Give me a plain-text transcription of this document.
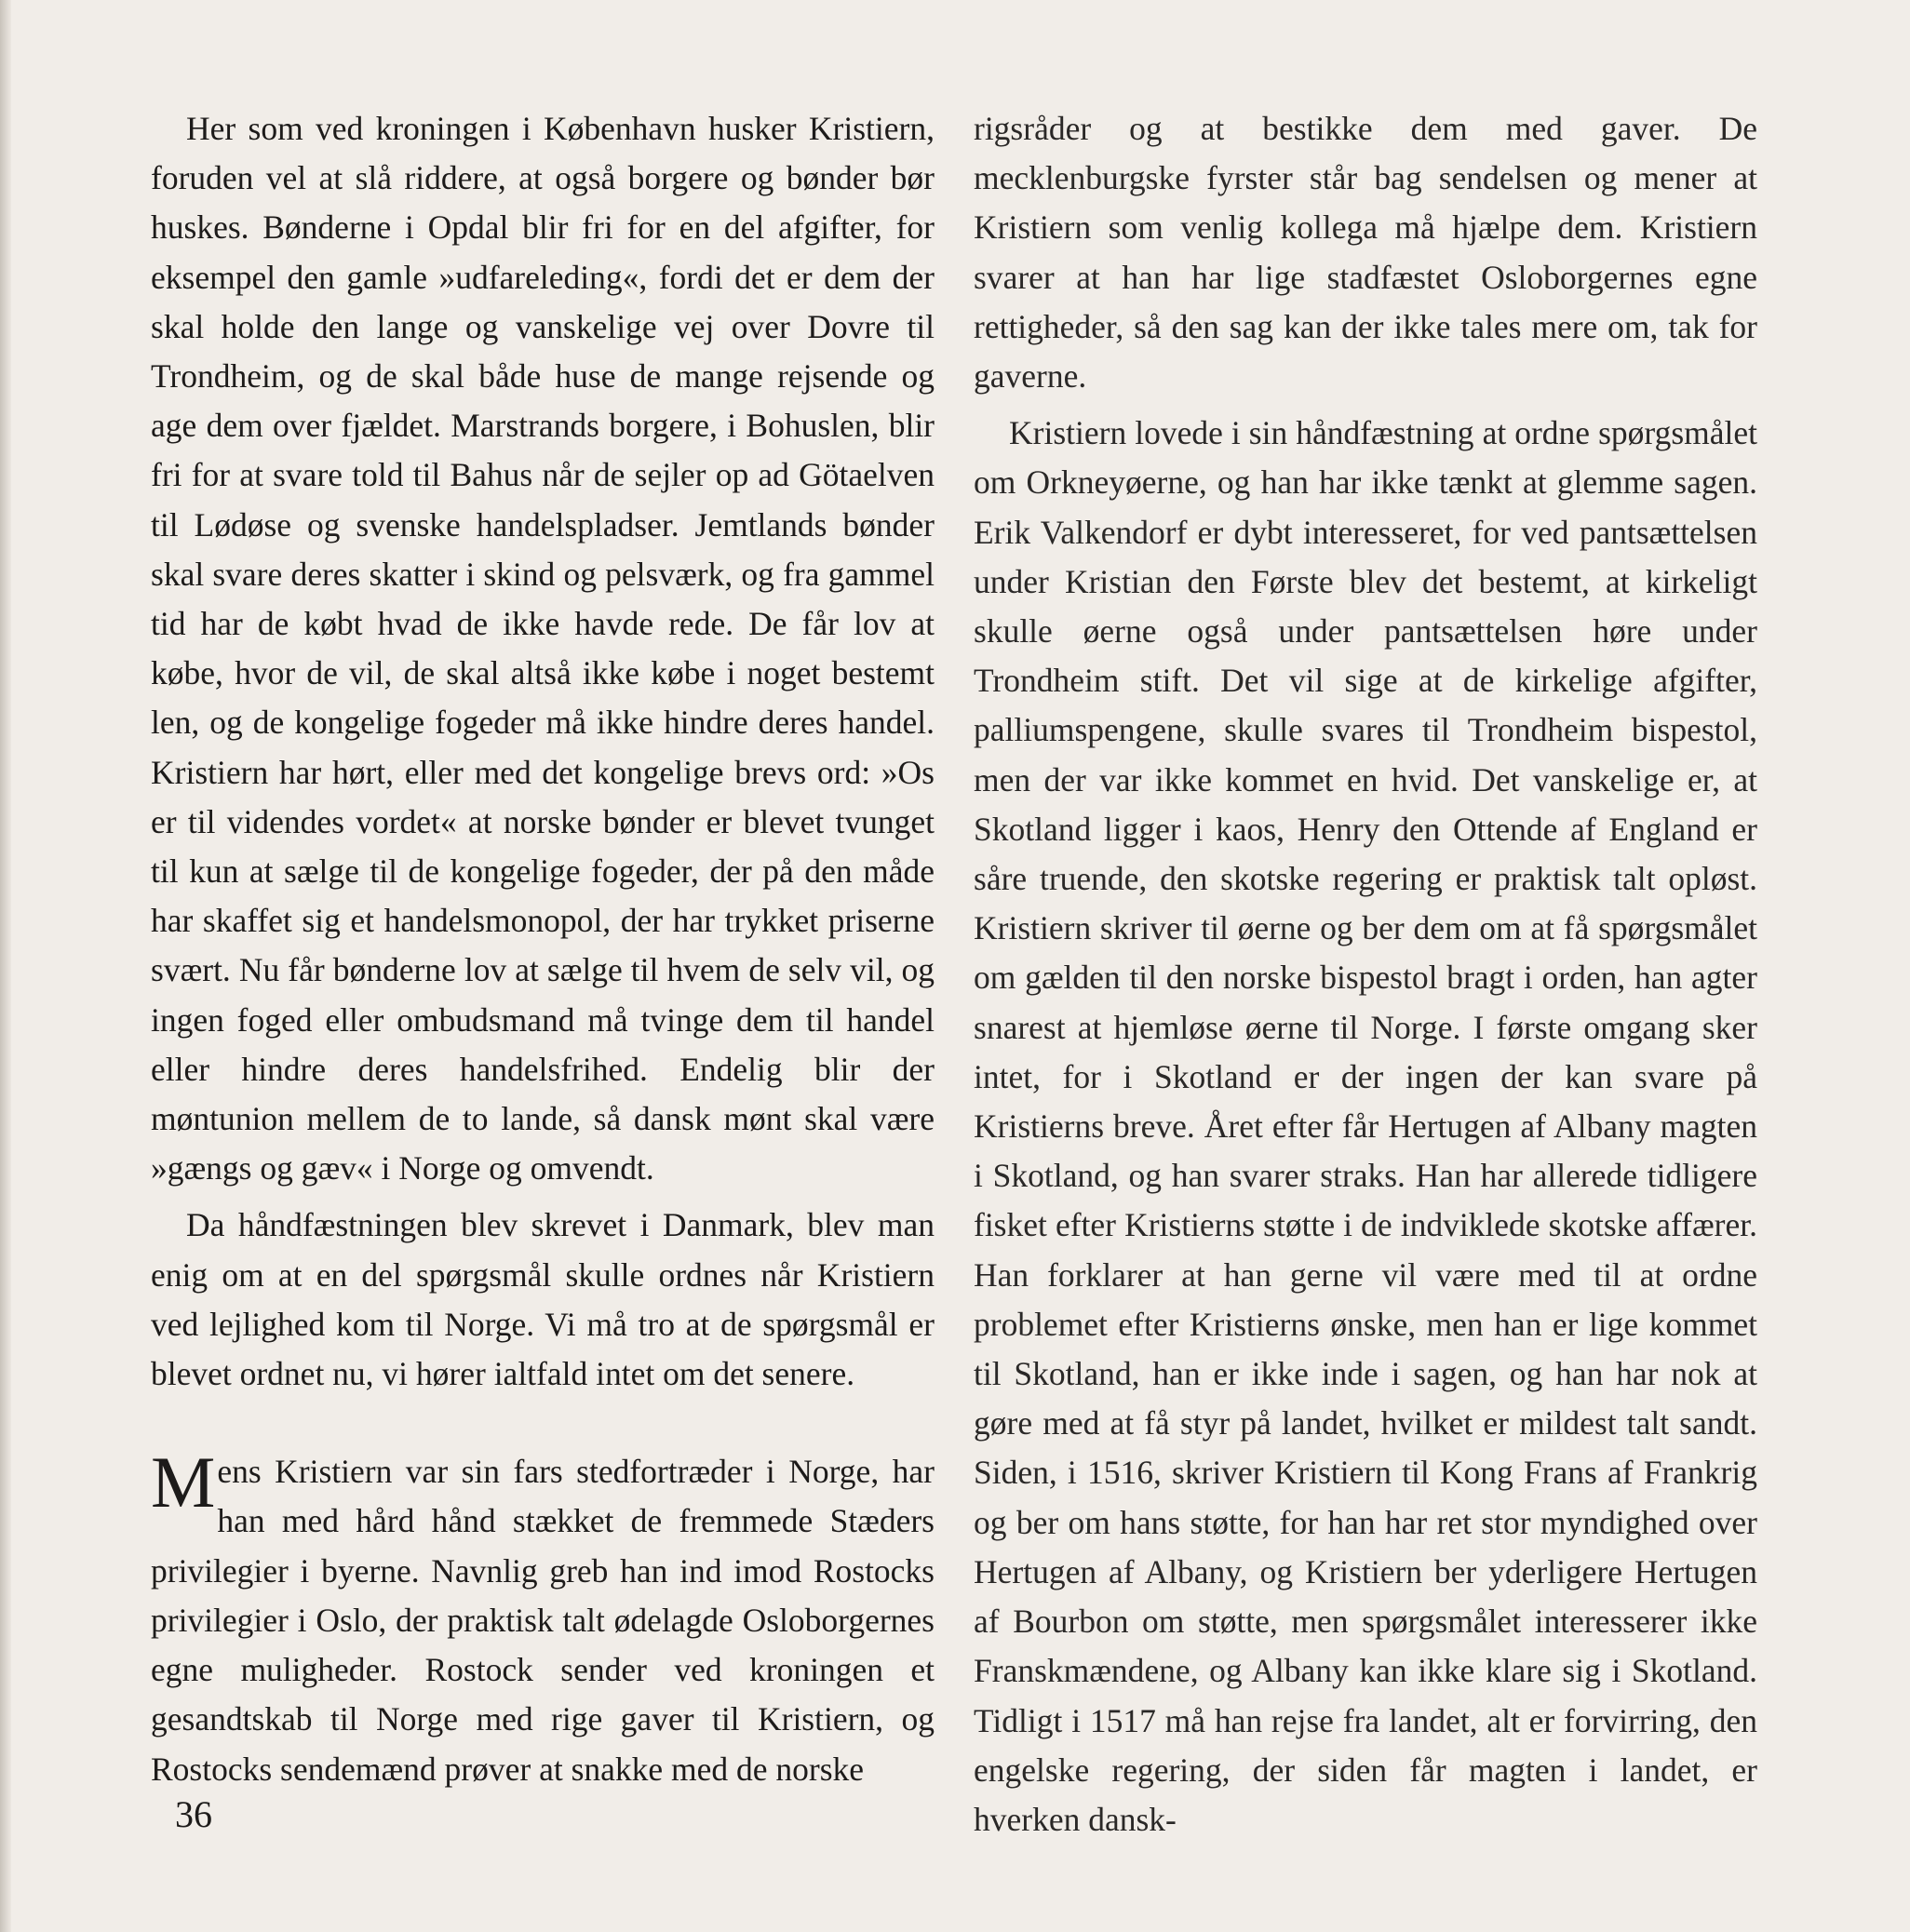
Her som ved kroningen i København husker Kristiern, foruden vel at slå riddere, at også borgere og bønder bør huskes. Bønderne i Opdal blir fri for en del afgifter, for eksempel den gamle »udfareleding«, fordi det er dem der skal holde den lange og vanskelige vej over Dovre til Trondheim, og de skal både huse de mange rejsende og age dem over fjældet. Marstrands borgere, i Bohuslen, blir fri for at svare told til Bahus når de sejler op ad Götaelven til Lødøse og svenske handelspladser. Jemtlands bønder skal svare deres skatter i skind og pelsværk, og fra gammel tid har de købt hvad de ikke havde rede. De får lov at købe, hvor de vil, de skal altså ikke købe i noget bestemt len, og de kongelige fogeder må ikke hindre deres handel. Kristiern har hørt, eller med det kongelige brevs ord: »Os er til videndes vordet« at norske bønder er blevet tvunget til kun at sælge til de kongelige fogeder, der på den måde har skaffet sig et handelsmonopol, der har trykket priserne svært. Nu får bønderne lov at sælge til hvem de selv vil, og ingen foged eller ombudsmand må tvinge dem til handel eller hindre deres handelsfrihed. Endelig blir der møntunion mellem de to lande, så dansk mønt skal være »gængs og gæv« i Norge og omvendt.

Da håndfæstningen blev skrevet i Danmark, blev man enig om at en del spørgsmål skulle ordnes når Kristiern ved lejlighed kom til Norge. Vi må tro at de spørgsmål er blevet ordnet nu, vi hører ialtfald intet om det senere.

Mens Kristiern var sin fars stedfortræder i Norge, har han med hård hånd stækket de fremmede Stæders privilegier i byerne. Navnlig greb han ind imod Rostocks privilegier i Oslo, der praktisk talt ødelagde Osloborgernes egne muligheder. Rostock sender ved kroningen et gesandtskab til Norge med rige gaver til Kristiern, og Rostocks sendemænd prøver at snakke med de norske

rigsråder og at bestikke dem med gaver. De mecklenburgske fyrster står bag sendelsen og mener at Kristiern som venlig kollega må hjælpe dem. Kristiern svarer at han har lige stadfæstet Osloborgernes egne rettigheder, så den sag kan der ikke tales mere om, tak for gaverne.

Kristiern lovede i sin håndfæstning at ordne spørgsmålet om Orkneyøerne, og han har ikke tænkt at glemme sagen. Erik Valkendorf er dybt interesseret, for ved pantsættelsen under Kristian den Første blev det bestemt, at kirkeligt skulle øerne også under pantsættelsen høre under Trondheim stift. Det vil sige at de kirkelige afgifter, palliumspengene, skulle svares til Trondheim bispestol, men der var ikke kommet en hvid. Det vanskelige er, at Skotland ligger i kaos, Henry den Ottende af England er såre truende, den skotske regering er praktisk talt opløst. Kristiern skriver til øerne og ber dem om at få spørgsmålet om gælden til den norske bispestol bragt i orden, han agter snarest at hjemløse øerne til Norge. I første omgang sker intet, for i Skotland er der ingen der kan svare på Kristierns breve. Året efter får Hertugen af Albany magten i Skotland, og han svarer straks. Han har allerede tidligere fisket efter Kristierns støtte i de indviklede skotske affærer. Han forklarer at han gerne vil være med til at ordne problemet efter Kristierns ønske, men han er lige kommet til Skotland, han er ikke inde i sagen, og han har nok at gøre med at få styr på landet, hvilket er mildest talt sandt. Siden, i 1516, skriver Kristiern til Kong Frans af Frankrig og ber om hans støtte, for han har ret stor myndighed over Hertugen af Albany, og Kristiern ber yderligere Hertugen af Bourbon om støtte, men spørgsmålet interesserer ikke Franskmændene, og Albany kan ikke klare sig i Skotland. Tidligt i 1517 må han rejse fra landet, alt er forvirring, den engelske regering, der siden får magten i landet, er hverken dansk-

36
